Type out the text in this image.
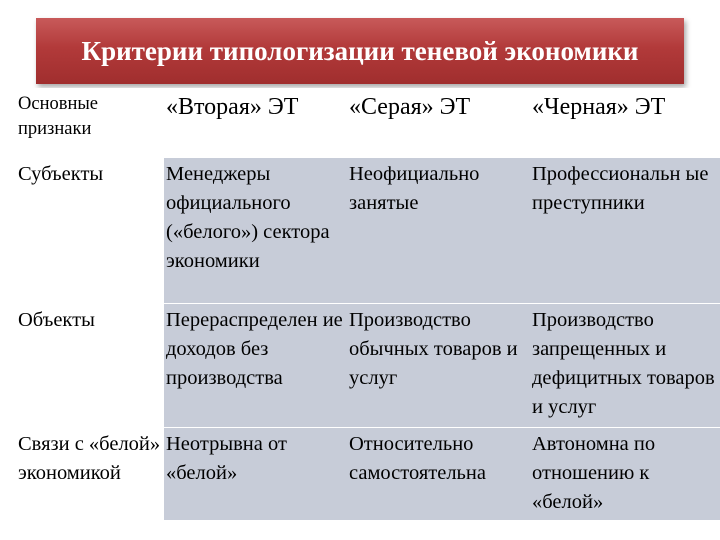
Критерии типологизации теневой экономики
Основные признаки	«Вторая» ЭТ	«Серая» ЭТ	«Черная» ЭТ
Субъекты	Менеджеры официального («белого») сектора экономики	Неофициально занятые	Профессиональн ые преступники
Объекты	Перераспределен ие доходов без производства	Производство обычных товаров и услуг	Производство запрещенных и дефицитных товаров и услуг
Связи с «белой» экономикой	Неотрывна от «белой»	Относительно самостоятельна	Автономна по отношению к «белой»
